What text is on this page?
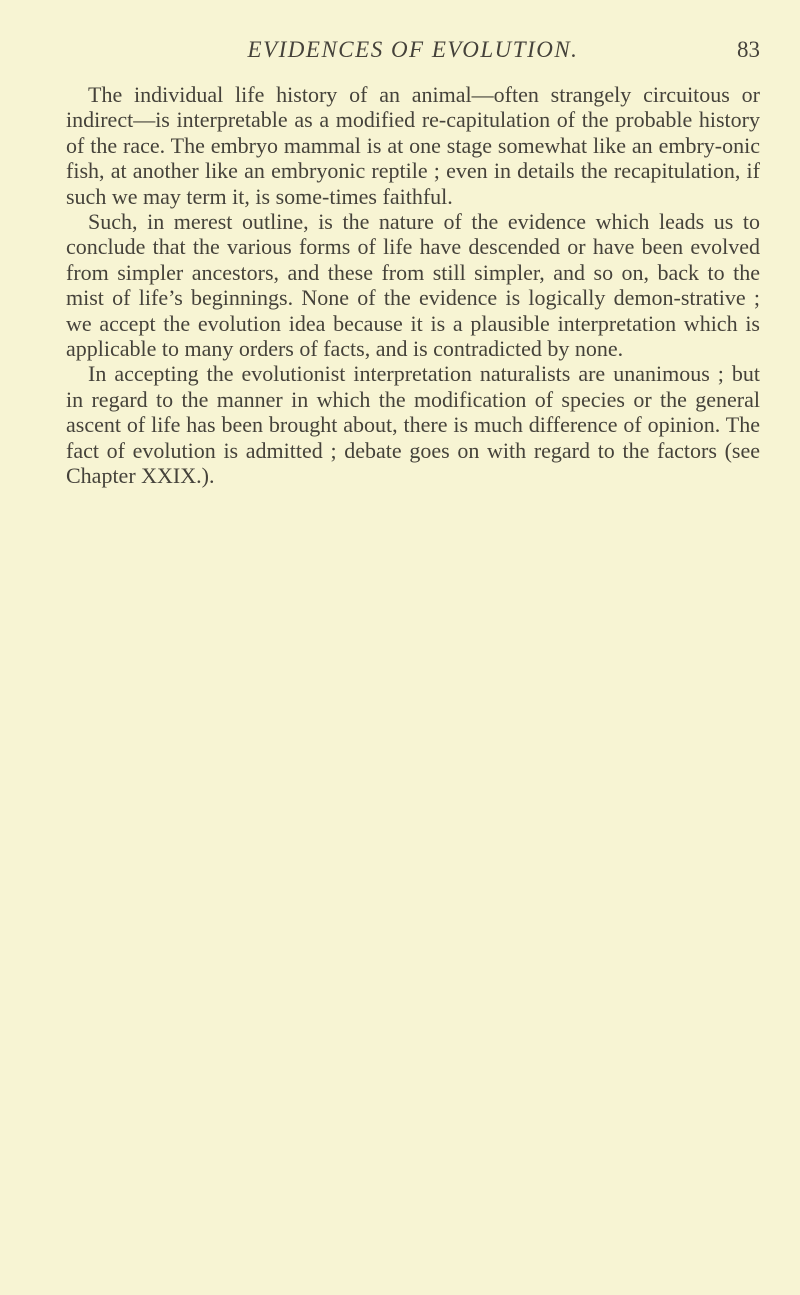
EVIDENCES OF EVOLUTION.	83

The individual life history of an animal—often strangely circuitous or indirect—is interpretable as a modified re-capitulation of the probable history of the race. The embryo mammal is at one stage somewhat like an embry-onic fish, at another like an embryonic reptile ; even in details the recapitulation, if such we may term it, is some-times faithful.

Such, in merest outline, is the nature of the evidence which leads us to conclude that the various forms of life have descended or have been evolved from simpler ancestors, and these from still simpler, and so on, back to the mist of life’s beginnings. None of the evidence is logically demon-strative ; we accept the evolution idea because it is a plausible interpretation which is applicable to many orders of facts, and is contradicted by none.

In accepting the evolutionist interpretation naturalists are unanimous ; but in regard to the manner in which the modification of species or the general ascent of life has been brought about, there is much difference of opinion. The fact of evolution is admitted ; debate goes on with regard to the factors (see Chapter XXIX.).
